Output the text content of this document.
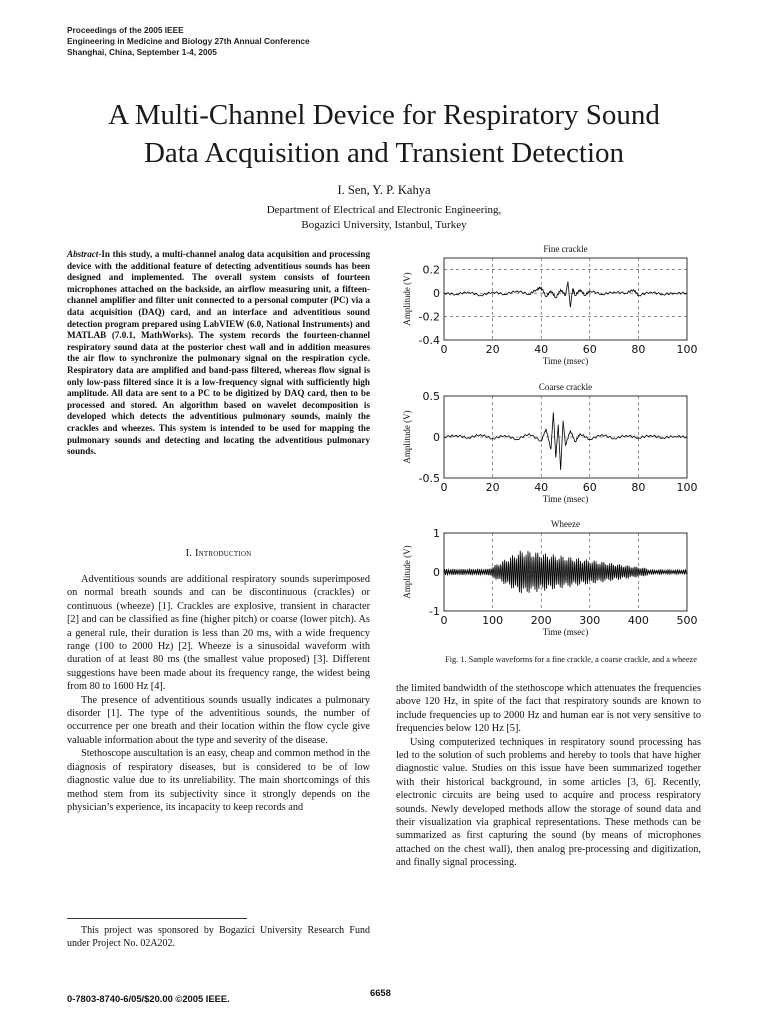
Proceedings of the 2005 IEEE
Engineering in Medicine and Biology 27th Annual Conference
Shanghai, China, September 1-4, 2005
A Multi-Channel Device for Respiratory Sound
Data Acquisition and Transient Detection
I. Sen, Y. P. Kahya
Department of Electrical and Electronic Engineering,
Bogazici University, Istanbul, Turkey
Abstract-In this study, a multi-channel analog data acquisition and processing device with the additional feature of detecting adventitious sounds has been designed and implemented. The overall system consists of fourteen microphones attached on the backside, an airflow measuring unit, a fifteen-channel amplifier and filter unit connected to a personal computer (PC) via a data acquisition (DAQ) card, and an interface and adventitious sound detection program prepared using LabVIEW (6.0, National Instruments) and MATLAB (7.0.1, MathWorks). The system records the fourteen-channel respiratory sound data at the posterior chest wall and in addition measures the air flow to synchronize the pulmonary signal on the respiration cycle. Respiratory data are amplified and band-pass filtered, whereas flow signal is only low-pass filtered since it is a low-frequency signal with sufficiently high amplitude. All data are sent to a PC to be digitized by DAQ card, then to be processed and stored. An algorithm based on wavelet decomposition is developed which detects the adventitious pulmonary sounds, mainly the crackles and wheezes. This system is intended to be used for mapping the pulmonary sounds and detecting and locating the adventitious pulmonary sounds.
I. Introduction

Adventitious sounds are additional respiratory sounds superimposed on normal breath sounds and can be discontinuous (crackles) or continuous (wheeze) [1]. Crackles are explosive, transient in character [2] and can be classified as fine (higher pitch) or coarse (lower pitch). As a general rule, their duration is less than 20 ms, with a wide frequency range (100 to 2000 Hz) [2]. Wheeze is a sinusoidal waveform with duration of at least 80 ms (the smallest value proposed) [3]. Different suggestions have been made about its frequency range, the widest being from 80 to 1600 Hz [4].

The presence of adventitious sounds usually indicates a pulmonary disorder [1]. The type of the adventitious sounds, the number of occurrence per one breath and their location within the flow cycle give valuable information about the type and severity of the disease.

Stethoscope auscultation is an easy, cheap and common method in the diagnosis of respiratory diseases, but is considered to be of low diagnostic value due to its unreliability. The main shortcomings of this method stem from its subjectivity since it strongly depends on the physician’s experience, its incapacity to keep records and

This project was sponsored by Bogazici University Research Fund under Project No. 02A202.

Fine crackle
0	20	40	60	80	100
0.2
0
-0.2
-0.4
Time (msec)
Amplitude (V)
Coarse crackle
0	20	40	60	80	100
0.5
0
-0.5
Time (msec)
Amplitude (V)
Wheeze
0	100	200	300	400	500
1
0
-1
Time (msec)
Amplitude (V)
Fig. 1. Sample waveforms for a fine crackle, a coarse crackle, and a wheeze

the limited bandwidth of the stethoscope which attenuates the frequencies above 120 Hz, in spite of the fact that respiratory sounds are known to include frequencies up to 2000 Hz and human ear is not very sensitive to frequencies below 120 Hz [5].

Using computerized techniques in respiratory sound processing has led to the solution of such problems and hereby to tools that have higher diagnostic value. Studies on this issue have been summarized together with their historical background, in some articles [3, 6]. Recently, electronic circuits are being used to acquire and process respiratory sounds. Newly developed methods allow the storage of sound data and their visualization via graphical representations. These methods can be summarized as first capturing the sound (by means of microphones attached on the chest wall), then analog pre-processing and digitization, and finally signal processing.

0-7803-8740-6/05/$20.00 ©2005 IEEE.
6658
